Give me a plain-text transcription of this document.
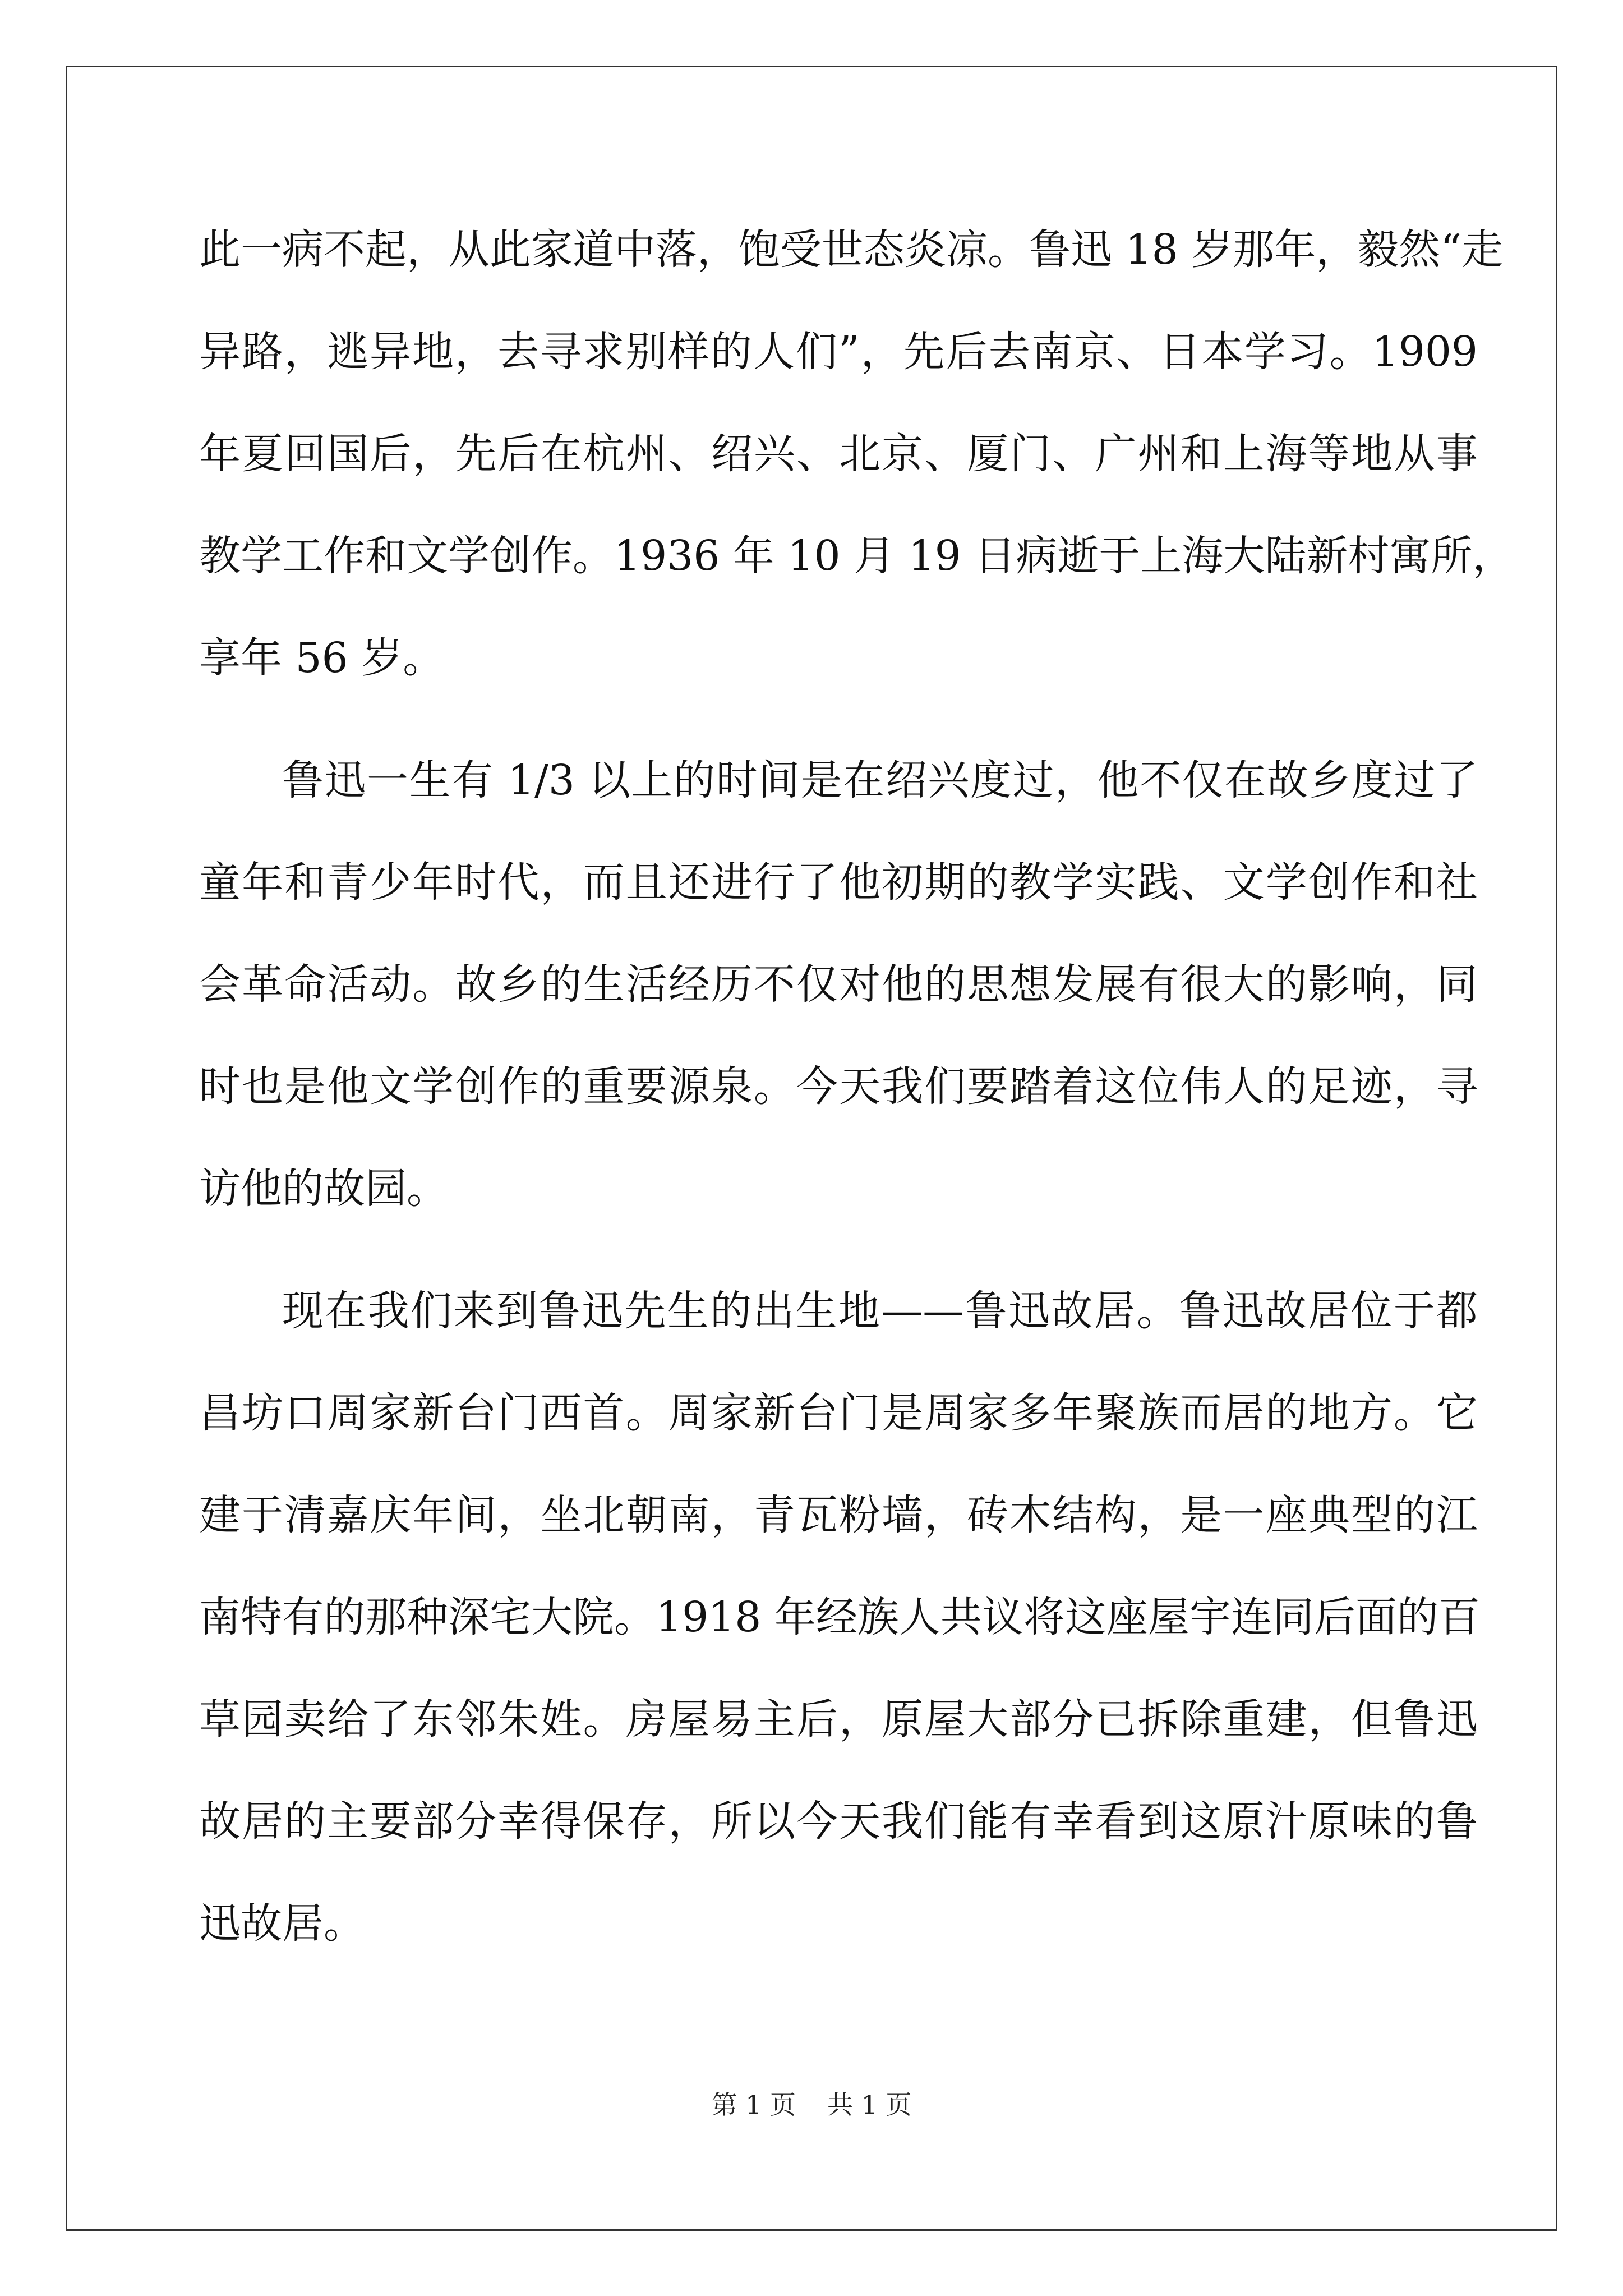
此一病不起，从此家道中落，饱受世态炎凉。鲁迅 18 岁那年，毅然“走
异路，逃异地，去寻求别样的人们”，先后去南京、日本学习。1909
年夏回国后，先后在杭州、绍兴、北京、厦门、广州和上海等地从事
教学工作和文学创作。1936 年 10 月 19 日病逝于上海大陆新村寓所，
享年 56 岁。
鲁迅一生有 1/3 以上的时间是在绍兴度过，他不仅在故乡度过了
童年和青少年时代，而且还进行了他初期的教学实践、文学创作和社
会革命活动。故乡的生活经历不仅对他的思想发展有很大的影响，同
时也是他文学创作的重要源泉。今天我们要踏着这位伟人的足迹，寻
访他的故园。
现在我们来到鲁迅先生的出生地——鲁迅故居。鲁迅故居位于都
昌坊口周家新台门西首。周家新台门是周家多年聚族而居的地方。它
建于清嘉庆年间，坐北朝南，青瓦粉墙，砖木结构，是一座典型的江
南特有的那种深宅大院。1918 年经族人共议将这座屋宇连同后面的百
草园卖给了东邻朱姓。房屋易主后，原屋大部分已拆除重建，但鲁迅
故居的主要部分幸得保存，所以今天我们能有幸看到这原汁原味的鲁
迅故居。
第 1 页 共 1 页
